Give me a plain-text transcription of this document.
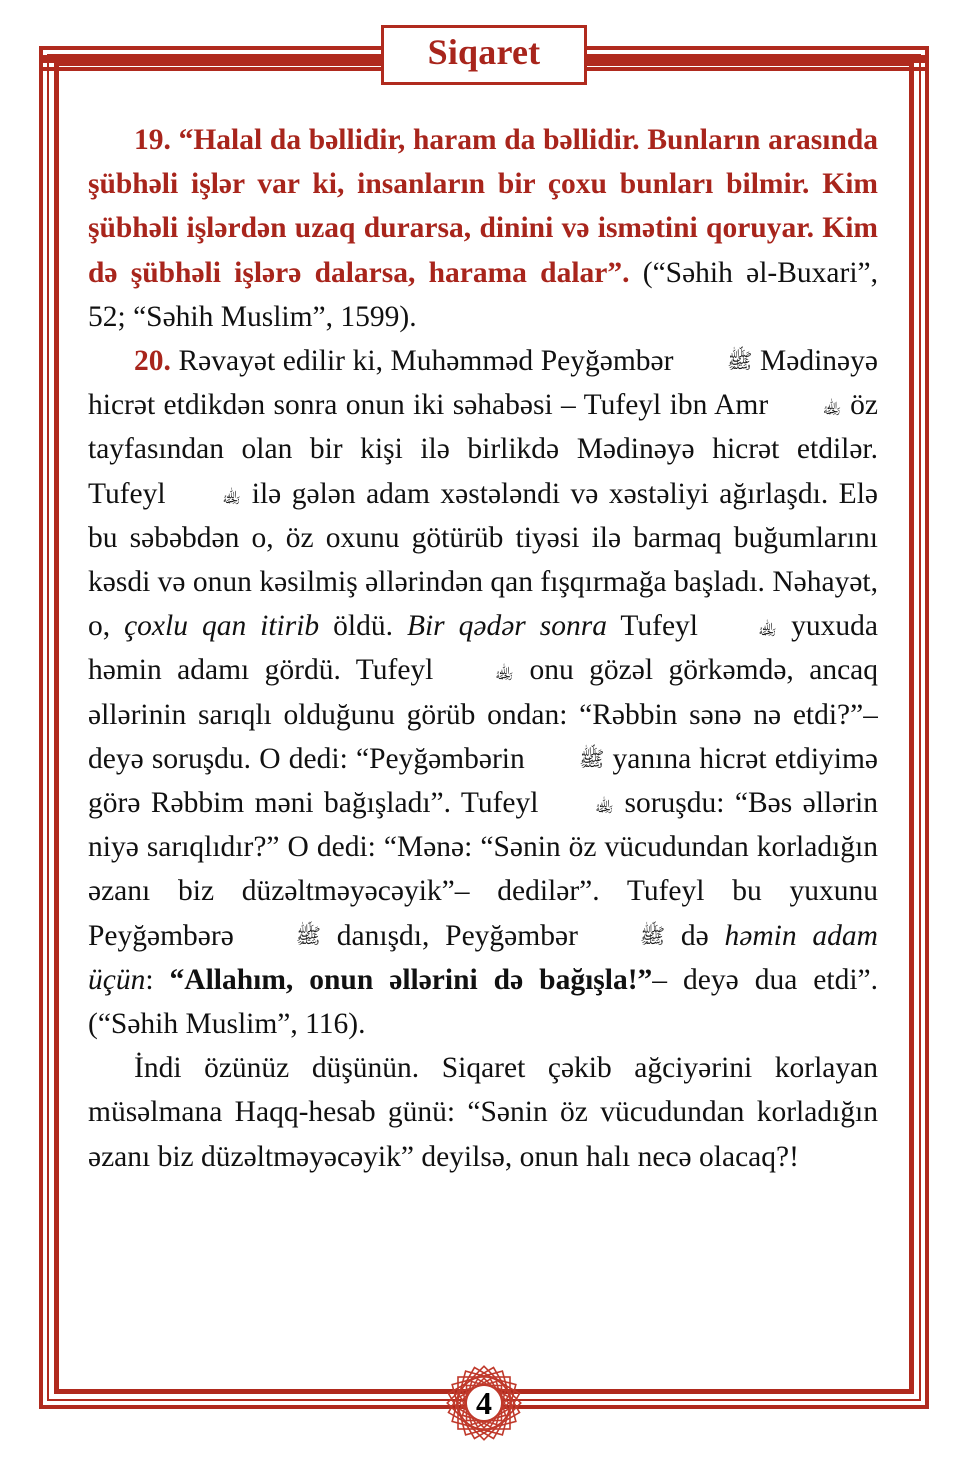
Siqaret

19. “Halal da bəllidir, haram da bəllidir. Bunların arasında şübhəli işlər var ki, insanların bir çoxu bunları bilmir. Kim şübhəli işlərdən uzaq durarsa, dinini və ismətini qoruyar. Kim də şübhəli işlərə dalarsa, harama dalar”. (“Səhih əl-Buxari”, 52; “Səhih Muslim”, 1599).

20. Rəvayət edilir ki, Muhəmməd Peyğəmbər ﷺ Mədinəyə hicrət etdikdən sonra onun iki səhabəsi – Tufeyl ibn Amr ﵀ öz tayfasından olan bir kişi ilə birlikdə Mədinəyə hicrət etdilər. Tufeyl ﵀ ilə gələn adam xəstələndi və xəstəliyi ağırlaşdı. Elə bu səbəbdən o, öz oxunu götürüb tiyəsi ilə barmaq buğumlarını kəsdi və onun kəsilmiş əllərindən qan fışqırmağa başladı. Nəhayət, o, çoxlu qan itirib öldü. Bir qədər sonra Tufeyl ﵀ yuxuda həmin adamı gördü. Tufeyl ﵀ onu gözəl görkəmdə, ancaq əllərinin sarıqlı olduğunu görüb ondan: “Rəbbin sənə nə etdi?”– deyə soruşdu. O dedi: “Peyğəmbərin ﷺ yanına hicrət etdiyimə görə Rəbbim məni bağışladı”. Tufeyl ﵀ soruşdu: “Bəs əllərin niyə sarıqlıdır?” O dedi: “Mənə: “Sənin öz vücudundan korladığın əzanı biz düzəltməyəcəyik”– dedilər”. Tufeyl bu yuxunu Peyğəmbərə ﷺ danışdı, Peyğəmbər ﷺ də həmin adam üçün: “Allahım, onun əllərini də bağışla!”– deyə dua etdi”. (“Səhih Muslim”, 116).

İndi özünüz düşünün. Siqaret çəkib ağciyərini korlayan müsəlmana Haqq-hesab günü: “Sənin öz vücudundan korladığın əzanı biz düzəltməyəcəyik” deyilsə, onun halı necə olacaq?!

4
